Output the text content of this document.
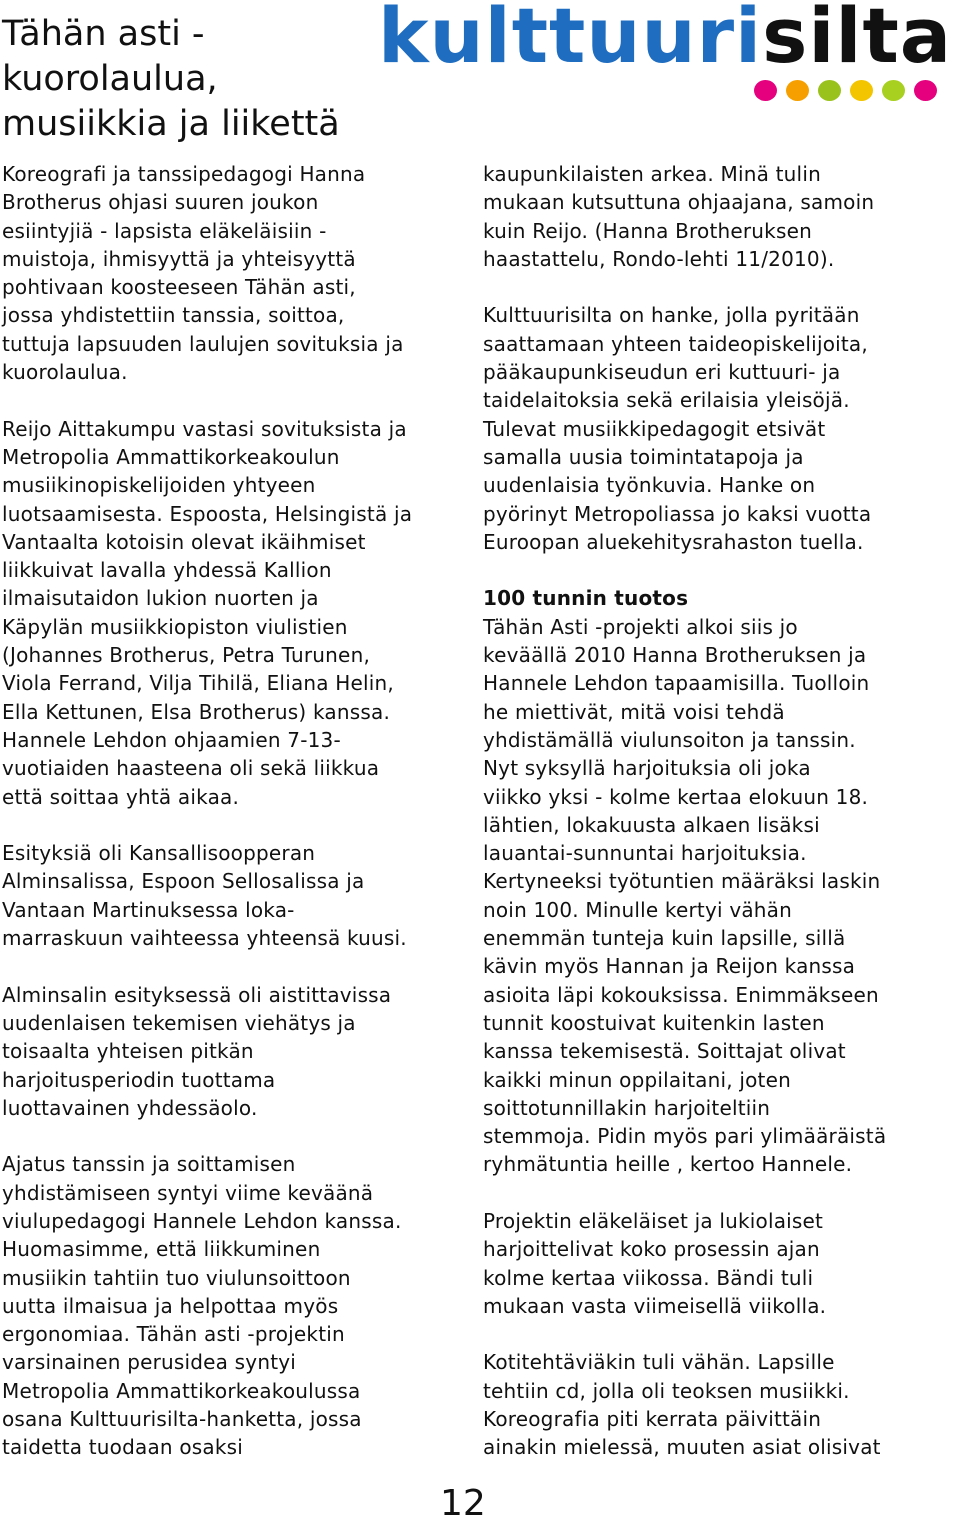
Tähän asti -
kuorolaulua,
musiikkia ja liikettä
kulttuurisilta

Koreografi ja tanssipedagogi Hanna
Brotherus ohjasi suuren joukon
esiintyjiä - lapsista eläkeläisiin -
muistoja, ihmisyyttä ja yhteisyyttä
pohtivaan koosteeseen Tähän asti,
jossa yhdistettiin tanssia, soittoa,
tuttuja lapsuuden laulujen sovituksia ja
kuorolaulua.

Reijo Aittakumpu vastasi sovituksista ja
Metropolia Ammattikorkeakoulun
musiikinopiskelijoiden yhtyeen
luotsaamisesta. Espoosta, Helsingistä ja
Vantaalta kotoisin olevat ikäihmiset
liikkuivat lavalla yhdessä Kallion
ilmaisutaidon lukion nuorten ja
Käpylän musiikkiopiston viulistien
(Johannes Brotherus, Petra Turunen,
Viola Ferrand, Vilja Tihilä, Eliana Helin,
Ella Kettunen, Elsa Brotherus) kanssa.
Hannele Lehdon ohjaamien 7-13-
vuotiaiden haasteena oli sekä liikkua
että soittaa yhtä aikaa.

Esityksiä oli Kansallisoopperan
Alminsalissa, Espoon Sellosalissa ja
Vantaan Martinuksessa loka-
marraskuun vaihteessa yhteensä kuusi.

Alminsalin esityksessä oli aistittavissa
uudenlaisen tekemisen viehätys ja
toisaalta yhteisen pitkän
harjoitusperiodin tuottama
luottavainen yhdessäolo.

Ajatus tanssin ja soittamisen
yhdistämiseen syntyi viime keväänä
viulupedagogi Hannele Lehdon kanssa.
Huomasimme, että liikkuminen
musiikin tahtiin tuo viulunsoittoon
uutta ilmaisua ja helpottaa myös
ergonomiaa. Tähän asti -projektin
varsinainen perusidea syntyi
Metropolia Ammattikorkeakoulussa
osana Kulttuurisilta-hanketta, jossa
taidetta tuodaan osaksi

kaupunkilaisten arkea. Minä tulin
mukaan kutsuttuna ohjaajana, samoin
kuin Reijo. (Hanna Brotheruksen
haastattelu, Rondo-lehti 11/2010).

Kulttuurisilta on hanke, jolla pyritään
saattamaan yhteen taideopiskelijoita,
pääkaupunkiseudun eri kuttuuri- ja
taidelaitoksia sekä erilaisia yleisöjä.
Tulevat musiikkipedagogit etsivät
samalla uusia toimintatapoja ja
uudenlaisia työnkuvia. Hanke on
pyörinyt Metropoliassa jo kaksi vuotta
Euroopan aluekehitysrahaston tuella.

100 tunnin tuotos

Tähän Asti -projekti alkoi siis jo
keväällä 2010 Hanna Brotheruksen ja
Hannele Lehdon tapaamisilla. Tuolloin
he miettivät, mitä voisi tehdä
yhdistämällä viulunsoiton ja tanssin.
Nyt syksyllä harjoituksia oli joka
viikko yksi - kolme kertaa elokuun 18.
lähtien, lokakuusta alkaen lisäksi
lauantai-sunnuntai harjoituksia.
Kertyneeksi työtuntien määräksi laskin
noin 100. Minulle kertyi vähän
enemmän tunteja kuin lapsille, sillä
kävin myös Hannan ja Reijon kanssa
asioita läpi kokouksissa. Enimmäkseen
tunnit koostuivat kuitenkin lasten
kanssa tekemisestä. Soittajat olivat
kaikki minun oppilaitani, joten
soittotunnillakin harjoiteltiin
stemmoja. Pidin myös pari ylimääräistä
ryhmätuntia heille , kertoo Hannele.

Projektin eläkeläiset ja lukiolaiset
harjoittelivat koko prosessin ajan
kolme kertaa viikossa. Bändi tuli
mukaan vasta viimeisellä viikolla.

Kotitehtäviäkin tuli vähän. Lapsille
tehtiin cd, jolla oli teoksen musiikki.
Koreografia piti kerrata päivittäin
ainakin mielessä, muuten asiat olisivat

12
